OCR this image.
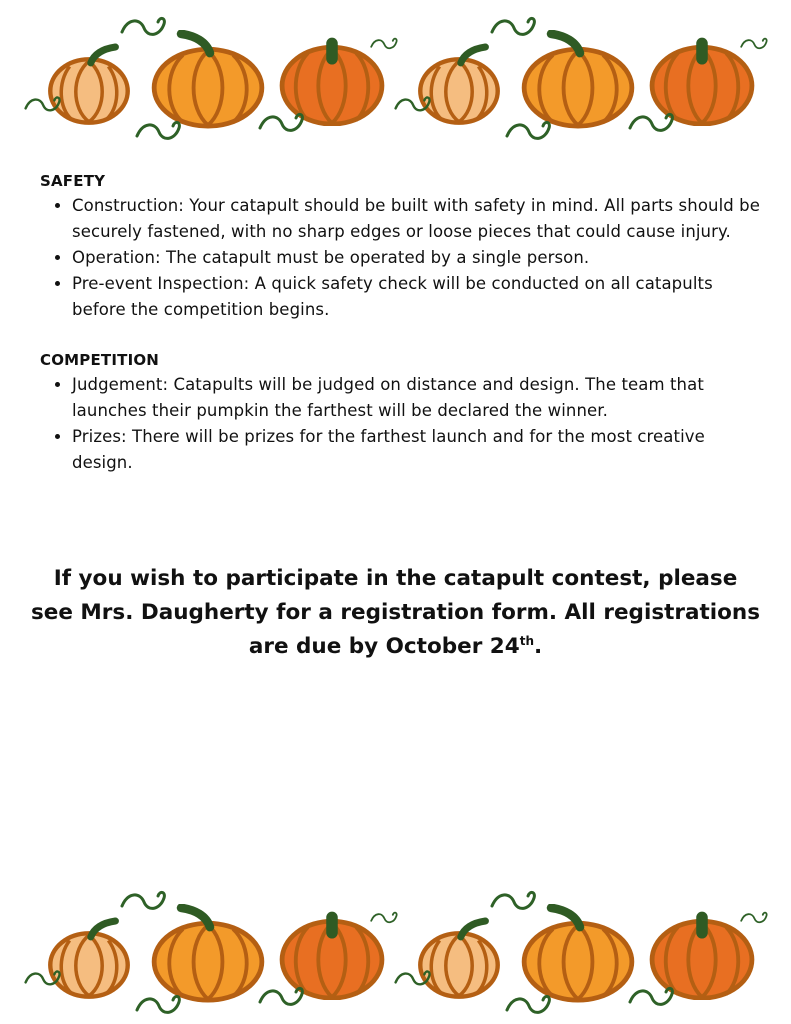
SAFETY
• Construction: Your catapult should be built with safety in mind. All parts should be securely fastened, with no sharp edges or loose pieces that could cause injury.
• Operation: The catapult must be operated by a single person.
• Pre-event Inspection: A quick safety check will be conducted on all catapults before the competition begins.
COMPETITION
• Judgement: Catapults will be judged on distance and design. The team that launches their pumpkin the farthest will be declared the winner.
• Prizes: There will be prizes for the farthest launch and for the most creative design.
If you wish to participate in the catapult contest, please see Mrs. Daugherty for a registration form. All registrations are due by October 24th.
